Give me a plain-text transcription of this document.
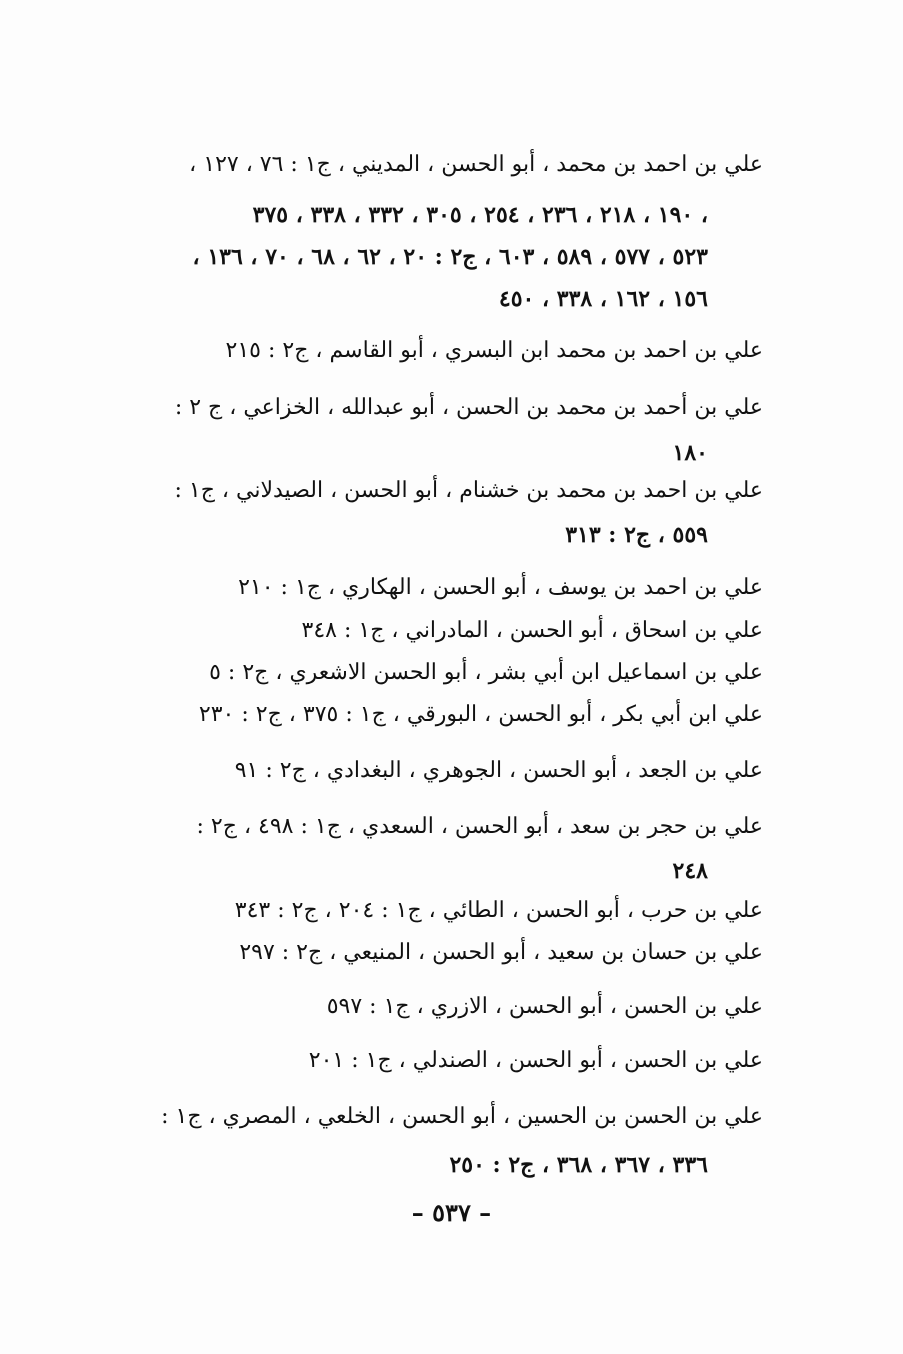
علي بن احمد بن محمد ، أبو الحسن ، المديني ، ج١ : ٧٦ ، ١٢٧ ،
١٩٠ ، ٢١٨ ، ٢٣٦ ، ٢٥٤ ، ٣٠٥ ، ٣٣٢ ، ٣٣٨ ، ٣٧٥ ،
٥٢٣ ، ٥٧٧ ، ٥٨٩ ، ٦٠٣ ، ج٢ : ٢٠ ، ٦٢ ، ٦٨ ، ٧٠ ، ١٣٦ ،
١٥٦ ، ١٦٢ ، ٣٣٨ ، ٤٥٠
علي بن احمد بن محمد ابن البسري ، أبو القاسم ، ج٢ : ٢١٥
علي بن أحمد بن محمد بن الحسن ، أبو عبدالله ، الخزاعي ، ج ٢ :
١٨٠
علي بن احمد بن محمد بن خشنام ، أبو الحسن ، الصيدلاني ، ج١ :
٥٥٩ ، ج٢ : ٣١٣
علي بن احمد بن يوسف ، أبو الحسن ، الهكاري ، ج١ : ٢١٠
علي بن اسحاق ، أبو الحسن ، المادراني ، ج١ : ٣٤٨
علي بن اسماعيل ابن أبي بشر ، أبو الحسن الاشعري ، ج٢ : ٥
علي ابن أبي بكر ، أبو الحسن ، البورقي ، ج١ : ٣٧٥ ، ج٢ : ٢٣٠
علي بن الجعد ، أبو الحسن ، الجوهري ، البغدادي ، ج٢ : ٩١
علي بن حجر بن سعد ، أبو الحسن ، السعدي ، ج١ : ٤٩٨ ، ج٢ :
٢٤٨
علي بن حرب ، أبو الحسن ، الطائي ، ج١ : ٢٠٤ ، ج٢ : ٣٤٣
علي بن حسان بن سعيد ، أبو الحسن ، المنيعي ، ج٢ : ٢٩٧
علي بن الحسن ، أبو الحسن ، الازري ، ج١ : ٥٩٧
علي بن الحسن ، أبو الحسن ، الصندلي ، ج١ : ٢٠١
علي بن الحسن بن الحسين ، أبو الحسن ، الخلعي ، المصري ، ج١ :
٣٣٦ ، ٣٦٧ ، ٣٦٨ ، ج٢ : ٢٥٠
– ٥٣٧ –
